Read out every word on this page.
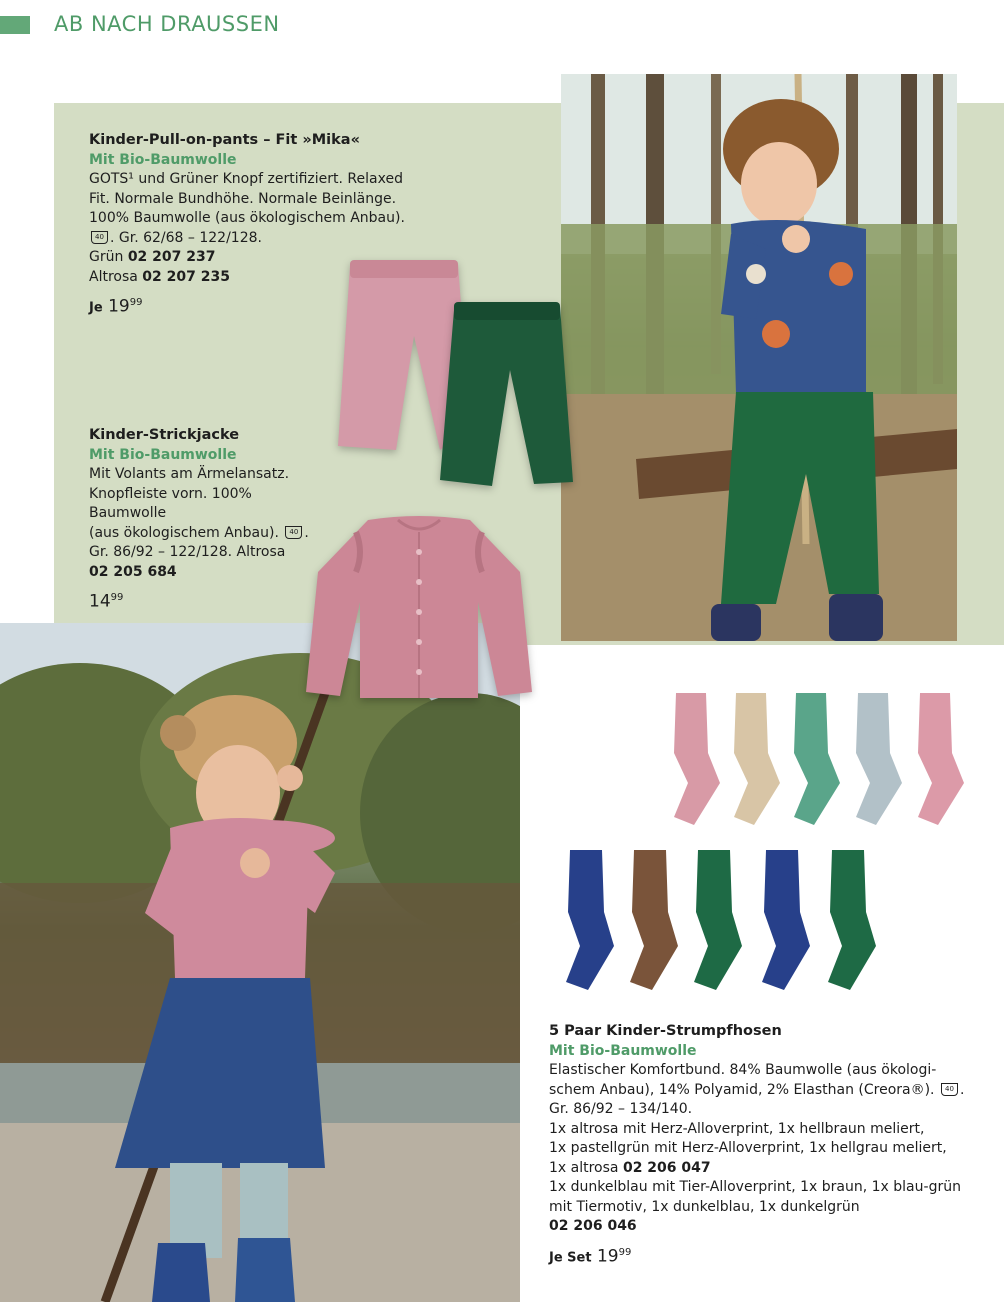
AB NACH DRAUSSEN
Kinder-Pull-on-pants – Fit »Mika«
Mit Bio-Baumwolle
GOTS¹ und Grüner Knopf zertifiziert. Relaxed
Fit. Normale Bundhöhe. Normale Beinlänge.
100% Baumwolle (aus ökologischem Anbau).
40 . Gr. 62/68 – 122/128.
Grün 02 207 237
Altrosa 02 207 235
Je $19^{99}$
Kinder-Strickjacke
Mit Bio-Baumwolle
Mit Volants am Ärmelansatz.
Knopfleiste vorn. 100% Baumwolle
(aus ökologischem Anbau). 40 .
Gr. 86/92 – 122/128. Altrosa
02 205 684
$14^{99}$
5 Paar Kinder-Strumpfhosen
Mit Bio-Baumwolle
Elastischer Komfortbund. 84% Baumwolle (aus ökologi-
schem Anbau), 14% Polyamid, 2% Elasthan (Creora®). 40 .
Gr. 86/92 – 134/140.
1x altrosa mit Herz-Alloverprint, 1x hellbraun meliert,
1x pastellgrün mit Herz-Alloverprint, 1x hellgrau meliert,
1x altrosa 02 206 047
1x dunkelblau mit Tier-Alloverprint, 1x braun, 1x blau-grün
mit Tiermotiv, 1x dunkelblau, 1x dunkelgrün
02 206 046
Je Set $19^{99}$
